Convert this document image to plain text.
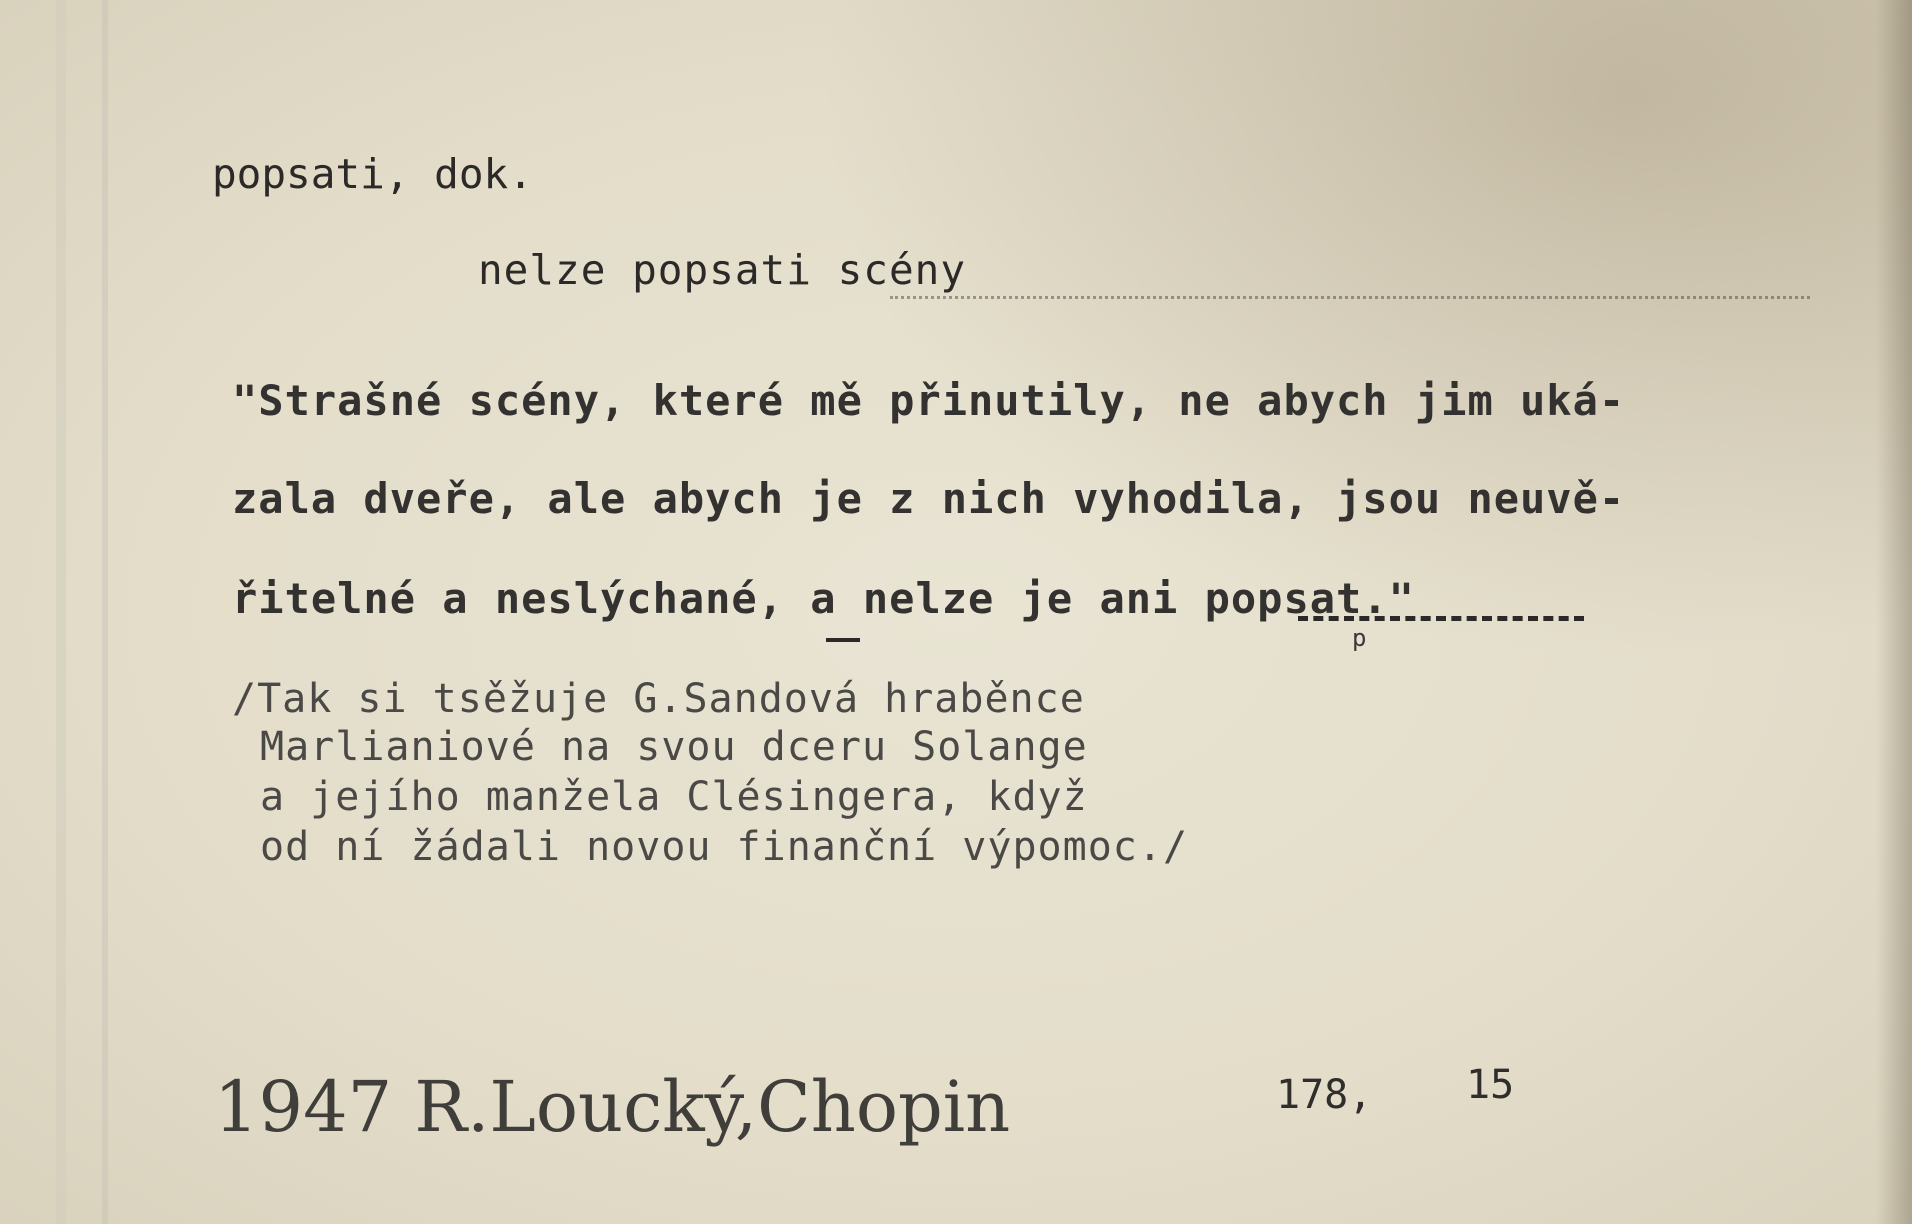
popsati, dok.

nelze popsati scény

"Strašné scény, které mě přinutily, ne abych jim uká-

zala dveře, ale abych je z nich vyhodila, jsou neuvě-

řitelné a neslýchané, a nelze je ani popsat."

p

/Tak si tsěžuje G.Sandová hraběnce

Marlianiové na svou dceru Solange

a jejího manžela Clésingera, když

od ní žádali novou finanční výpomoc./

1947 R.Loucký,Chopin	178, 15
